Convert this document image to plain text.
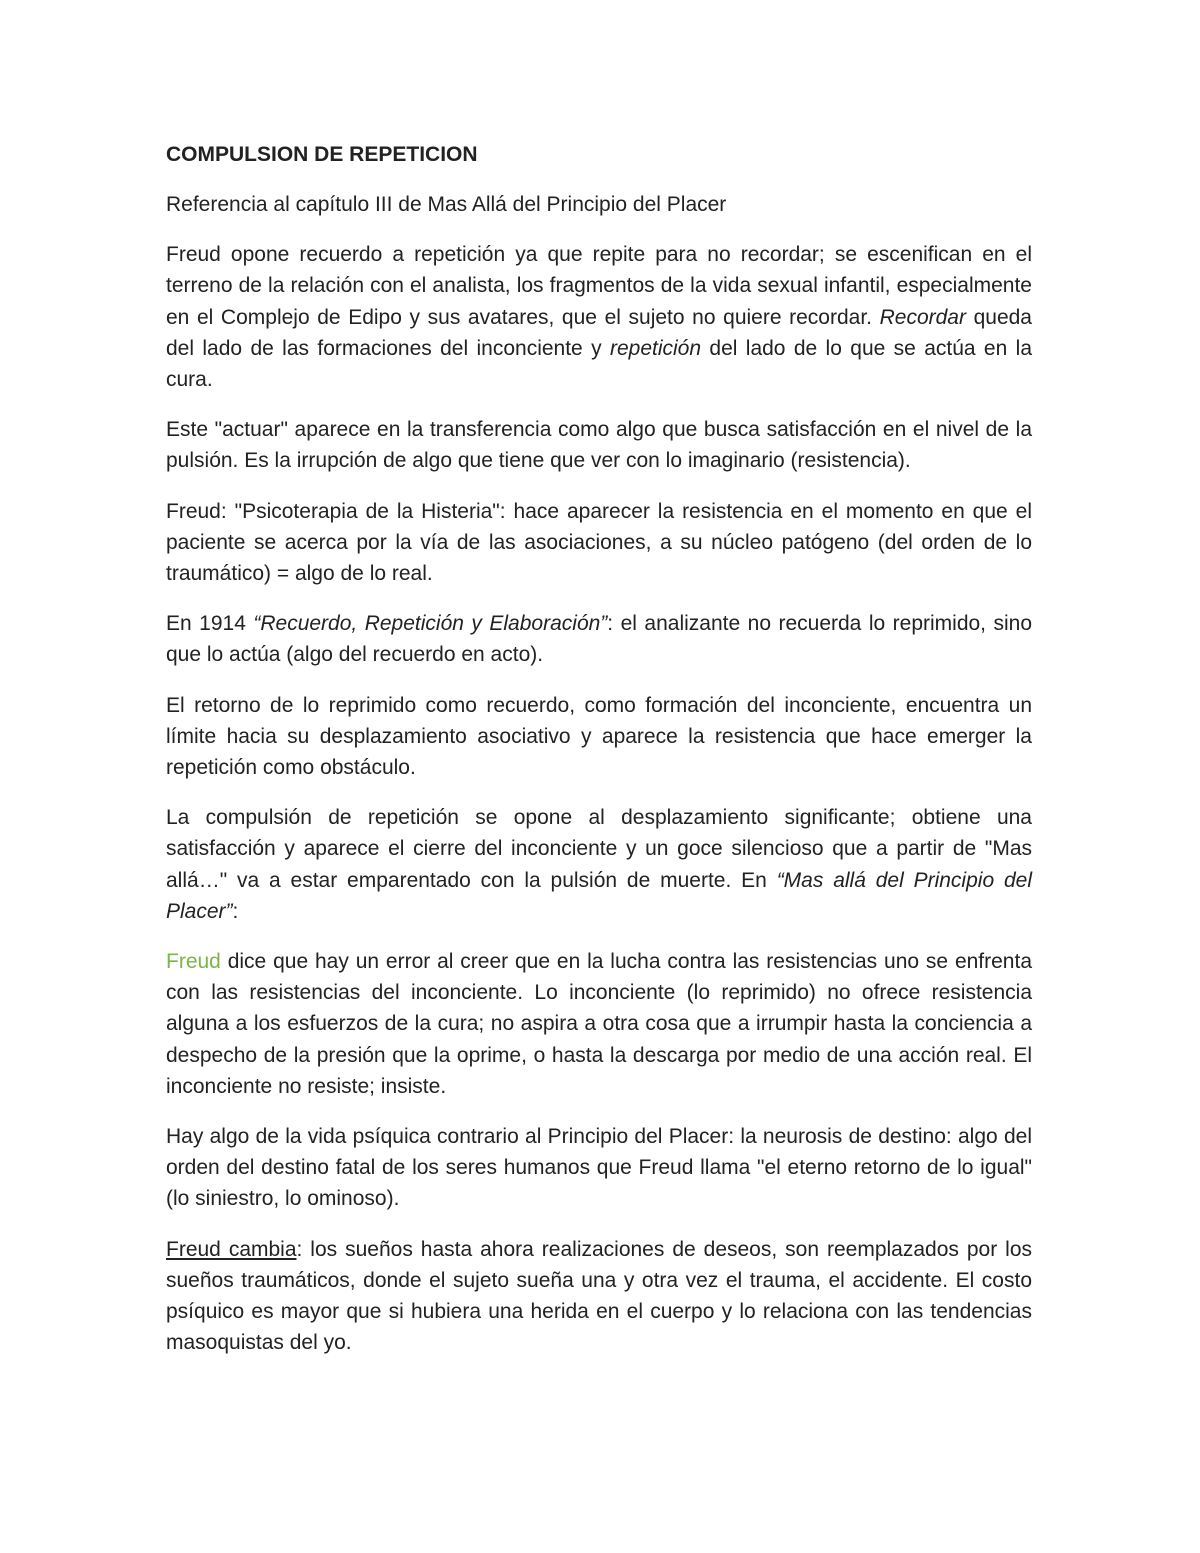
COMPULSION DE REPETICION
Referencia al capítulo III de Mas Allá del Principio del Placer

Freud opone recuerdo a repetición ya que repite para no recordar; se escenifican en el terreno de la relación con el analista, los fragmentos de la vida sexual infantil, especialmente en el Complejo de Edipo y sus avatares, que el sujeto no quiere recordar. Recordar queda del lado de las formaciones del inconciente y repetición del lado de lo que se actúa en la cura.

Este "actuar" aparece en la transferencia como algo que busca satisfacción en el nivel de la pulsión. Es la irrupción de algo que tiene que ver con lo imaginario (resistencia).

Freud: "Psicoterapia de la Histeria": hace aparecer la resistencia en el momento en que el paciente se acerca por la vía de las asociaciones, a su núcleo patógeno (del orden de lo traumático) = algo de lo real.

En 1914 “Recuerdo, Repetición y Elaboración”: el analizante no recuerda lo reprimido, sino que lo actúa (algo del recuerdo en acto).

El retorno de lo reprimido como recuerdo, como formación del inconciente, encuentra un límite hacia su desplazamiento asociativo y aparece la resistencia que hace emerger la repetición como obstáculo.

La compulsión de repetición se opone al desplazamiento significante; obtiene una satisfacción y aparece el cierre del inconciente y un goce silencioso que a partir de "Mas allá…" va a estar emparentado con la pulsión de muerte. En “Mas allá del Principio del Placer”:

Freud dice que hay un error al creer que en la lucha contra las resistencias uno se enfrenta con las resistencias del inconciente. Lo inconciente (lo reprimido) no ofrece resistencia alguna a los esfuerzos de la cura; no aspira a otra cosa que a irrumpir hasta la conciencia a despecho de la presión que la oprime, o hasta la descarga por medio de una acción real. El inconciente no resiste; insiste.

Hay algo de la vida psíquica contrario al Principio del Placer: la neurosis de destino: algo del orden del destino fatal de los seres humanos que Freud llama "el eterno retorno de lo igual" (lo siniestro, lo ominoso).

Freud cambia: los sueños hasta ahora realizaciones de deseos, son reemplazados por los sueños traumáticos, donde el sujeto sueña una y otra vez el trauma, el accidente. El costo psíquico es mayor que si hubiera una herida en el cuerpo y lo relaciona con las tendencias masoquistas del yo.
